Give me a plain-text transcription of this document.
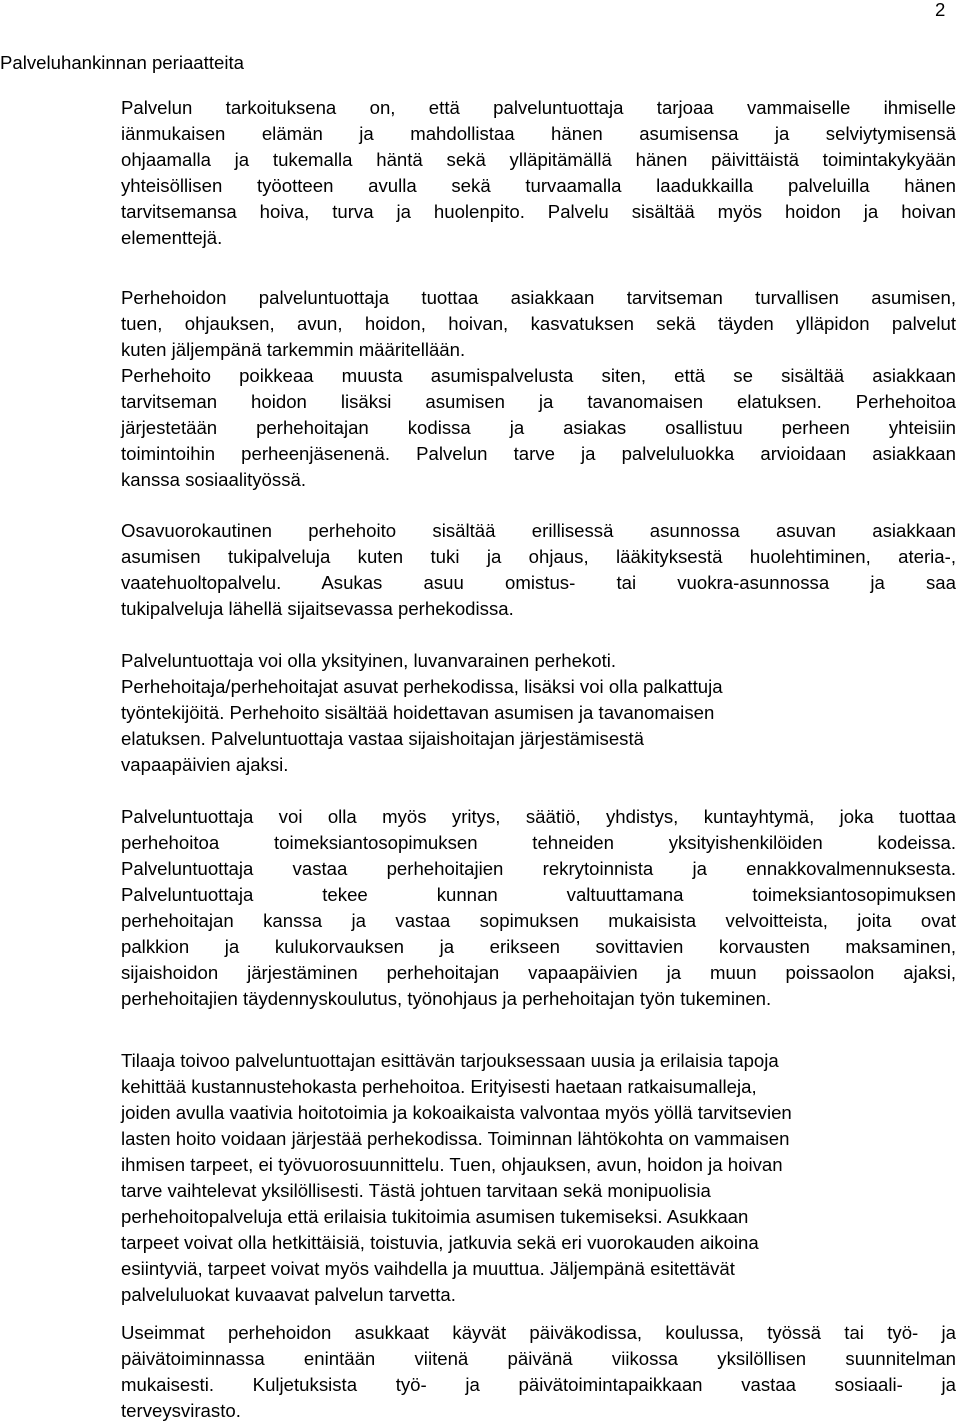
2
Palveluhankinnan periaatteita

Palvelun tarkoituksena on, että palveluntuottaja tarjoaa vammaiselle ihmiselle
iänmukaisen elämän ja mahdollistaa hänen asumisensa ja selviytymisensä
ohjaamalla ja tukemalla häntä sekä ylläpitämällä hänen päivittäistä toimintakykyään
yhteisöllisen työotteen avulla sekä turvaamalla laadukkailla palveluilla hänen
tarvitsemansa hoiva, turva ja huolenpito. Palvelu sisältää myös hoidon ja hoivan
elementtejä.

Perhehoidon palveluntuottaja tuottaa asiakkaan tarvitseman turvallisen asumisen,
tuen, ohjauksen, avun, hoidon, hoivan, kasvatuksen sekä täyden ylläpidon palvelut
kuten jäljempänä tarkemmin määritellään.
Perhehoito poikkeaa muusta asumispalvelusta siten, että se sisältää asiakkaan
tarvitseman hoidon lisäksi asumisen ja tavanomaisen elatuksen. Perhehoitoa
järjestetään perhehoitajan kodissa ja asiakas osallistuu perheen yhteisiin
toimintoihin perheenjäsenenä. Palvelun tarve ja palveluluokka arvioidaan asiakkaan
kanssa sosiaalityössä.

Osavuorokautinen perhehoito sisältää erillisessä asunnossa asuvan asiakkaan
asumisen tukipalveluja kuten tuki ja ohjaus, lääkityksestä huolehtiminen, ateria-,
vaatehuoltopalvelu. Asukas asuu omistus- tai vuokra-asunnossa ja saa
tukipalveluja lähellä sijaitsevassa perhekodissa.

Palveluntuottaja voi olla yksityinen, luvanvarainen perhekoti.
Perhehoitaja/perhehoitajat asuvat perhekodissa, lisäksi voi olla palkattuja
työntekijöitä. Perhehoito sisältää hoidettavan asumisen ja tavanomaisen
elatuksen. Palveluntuottaja vastaa sijaishoitajan järjestämisestä
vapaapäivien ajaksi.

Palveluntuottaja voi olla myös yritys, säätiö, yhdistys, kuntayhtymä, joka tuottaa
perhehoitoa toimeksiantosopimuksen tehneiden yksityishenkilöiden kodeissa.
Palveluntuottaja vastaa perhehoitajien rekrytoinnista ja ennakkovalmennuksesta.
Palveluntuottaja tekee kunnan valtuuttamana toimeksiantosopimuksen
perhehoitajan kanssa ja vastaa sopimuksen mukaisista velvoitteista, joita ovat
palkkion ja kulukorvauksen ja erikseen sovittavien korvausten maksaminen,
sijaishoidon järjestäminen perhehoitajan vapaapäivien ja muun poissaolon ajaksi,
perhehoitajien täydennyskoulutus, työnohjaus ja perhehoitajan työn tukeminen.

Tilaaja toivoo palveluntuottajan esittävän tarjouksessaan uusia ja erilaisia tapoja
kehittää kustannustehokasta perhehoitoa. Erityisesti haetaan ratkaisumalleja,
joiden avulla vaativia hoitotoimia ja kokoaikaista valvontaa myös yöllä tarvitsevien
lasten hoito voidaan järjestää perhekodissa. Toiminnan lähtökohta on vammaisen
ihmisen tarpeet, ei työvuorosuunnittelu. Tuen, ohjauksen, avun, hoidon ja hoivan
tarve vaihtelevat yksilöllisesti. Tästä johtuen tarvitaan sekä monipuolisia
perhehoitopalveluja että erilaisia tukitoimia asumisen tukemiseksi. Asukkaan
tarpeet voivat olla hetkittäisiä, toistuvia, jatkuvia sekä eri vuorokauden aikoina
esiintyviä, tarpeet voivat myös vaihdella ja muuttua. Jäljempänä esitettävät
palveluluokat kuvaavat palvelun tarvetta.

Useimmat perhehoidon asukkaat käyvät päiväkodissa, koulussa, työssä tai työ- ja
päivätoiminnassa enintään viitenä päivänä viikossa yksilöllisen suunnitelman
mukaisesti. Kuljetuksista työ- ja päivätoimintapaikkaan vastaa sosiaali- ja
terveysvirasto.
